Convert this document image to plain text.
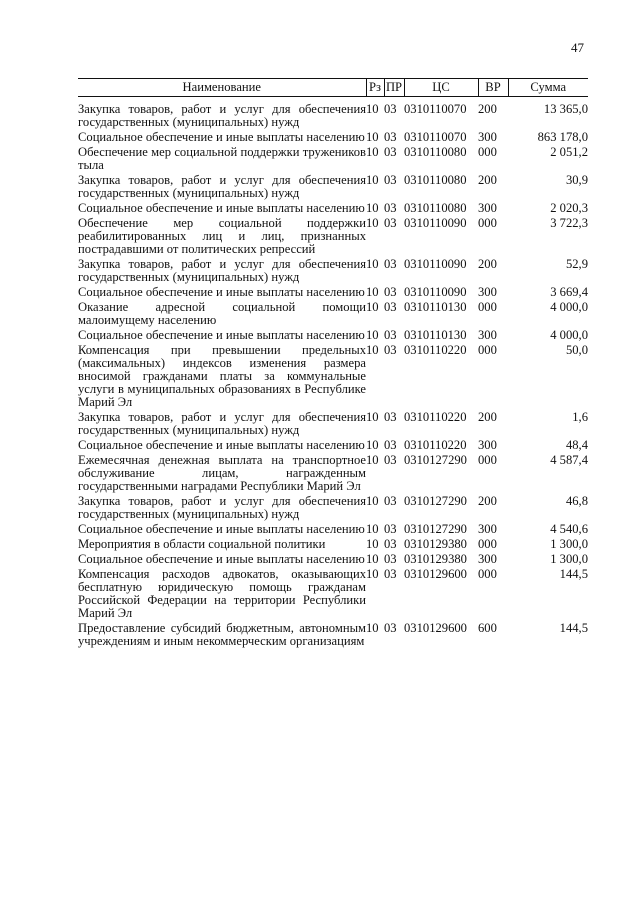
47
Наименование	Рз	ПР	ЦС	ВР	Сумма

Закупка товаров, работ и услуг для обеспечения государственных (муниципальных) нужд	10	03	0310110070	200	13 365,0
Социальное обеспечение и иные выплаты населению	10	03	0310110070	300	863 178,0
Обеспечение мер социальной поддержки тружеников тыла	10	03	0310110080	000	2 051,2
Закупка товаров, работ и услуг для обеспечения государственных (муниципальных) нужд	10	03	0310110080	200	30,9
Социальное обеспечение и иные выплаты населению	10	03	0310110080	300	2 020,3
Обеспечение мер социальной поддержки реабилитированных лиц и лиц, признанных пострадавшими от политических репрессий	10	03	0310110090	000	3 722,3
Закупка товаров, работ и услуг для обеспечения государственных (муниципальных) нужд	10	03	0310110090	200	52,9
Социальное обеспечение и иные выплаты населению	10	03	0310110090	300	3 669,4
Оказание адресной социальной помощи малоимущему населению	10	03	0310110130	000	4 000,0
Социальное обеспечение и иные выплаты населению	10	03	0310110130	300	4 000,0
Компенсация при превышении предельных (максимальных) индексов изменения размера вносимой гражданами платы за коммунальные услуги в муниципальных образованиях в Республике Марий Эл	10	03	0310110220	000	50,0
Закупка товаров, работ и услуг для обеспечения государственных (муниципальных) нужд	10	03	0310110220	200	1,6
Социальное обеспечение и иные выплаты населению	10	03	0310110220	300	48,4
Ежемесячная денежная выплата на транспортное обслуживание лицам, награжденным государственными наградами Республики Марий Эл	10	03	0310127290	000	4 587,4
Закупка товаров, работ и услуг для обеспечения государственных (муниципальных) нужд	10	03	0310127290	200	46,8
Социальное обеспечение и иные выплаты населению	10	03	0310127290	300	4 540,6
Мероприятия в области социальной политики	10	03	0310129380	000	1 300,0
Социальное обеспечение и иные выплаты населению	10	03	0310129380	300	1 300,0
Компенсация расходов адвокатов, оказывающих бесплатную юридическую помощь гражданам Российской Федерации на территории Республики Марий Эл	10	03	0310129600	000	144,5
Предоставление субсидий бюджетным, автономным учреждениям и иным некоммерческим организациям	10	03	0310129600	600	144,5
